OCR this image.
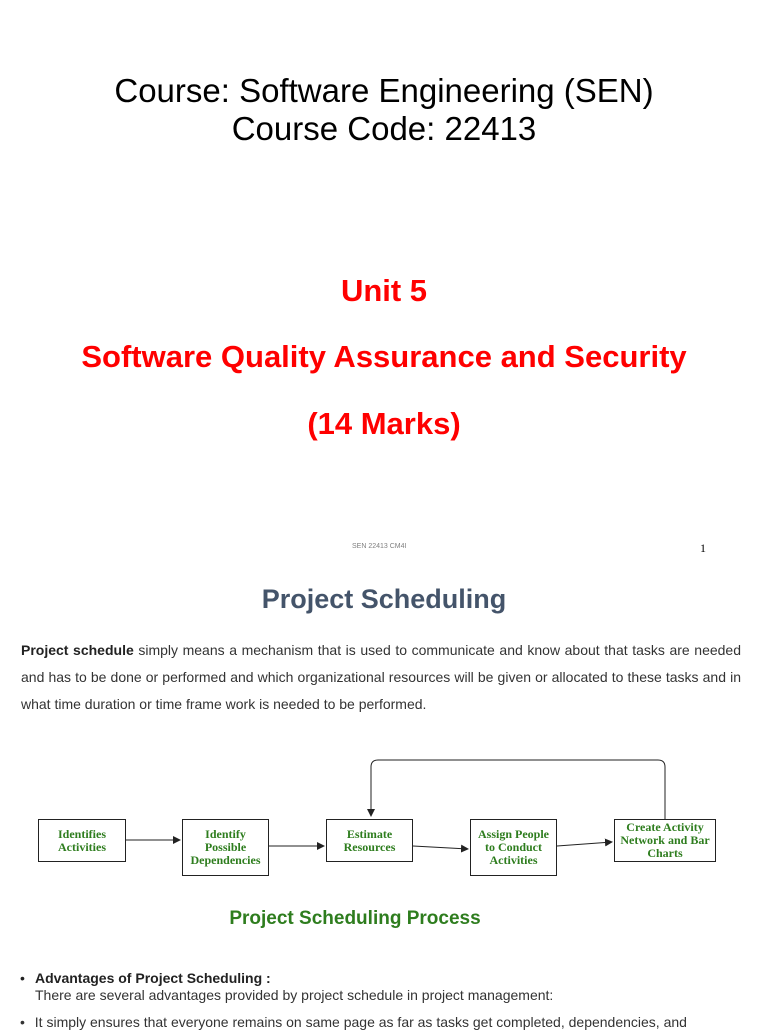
Course: Software Engineering (SEN)
Course Code: 22413
Unit 5
Software Quality Assurance and Security
(14 Marks)
SEN 22413 CM4I	1
Project Scheduling
Project schedule simply means a mechanism that is used to communicate and know about that tasks are needed and has to be done or performed and which organizational resources will be given or allocated to these tasks and in what time duration or time frame work is needed to be performed.
Identifies Activities
Identify Possible Dependencies
Estimate Resources
Assign People to Conduct Activities
Create Activity Network and Bar Charts
Project Scheduling Process
• Advantages of Project Scheduling :
There are several advantages provided by project schedule in project management:
• It simply ensures that everyone remains on same page as far as tasks get completed, dependencies, and
